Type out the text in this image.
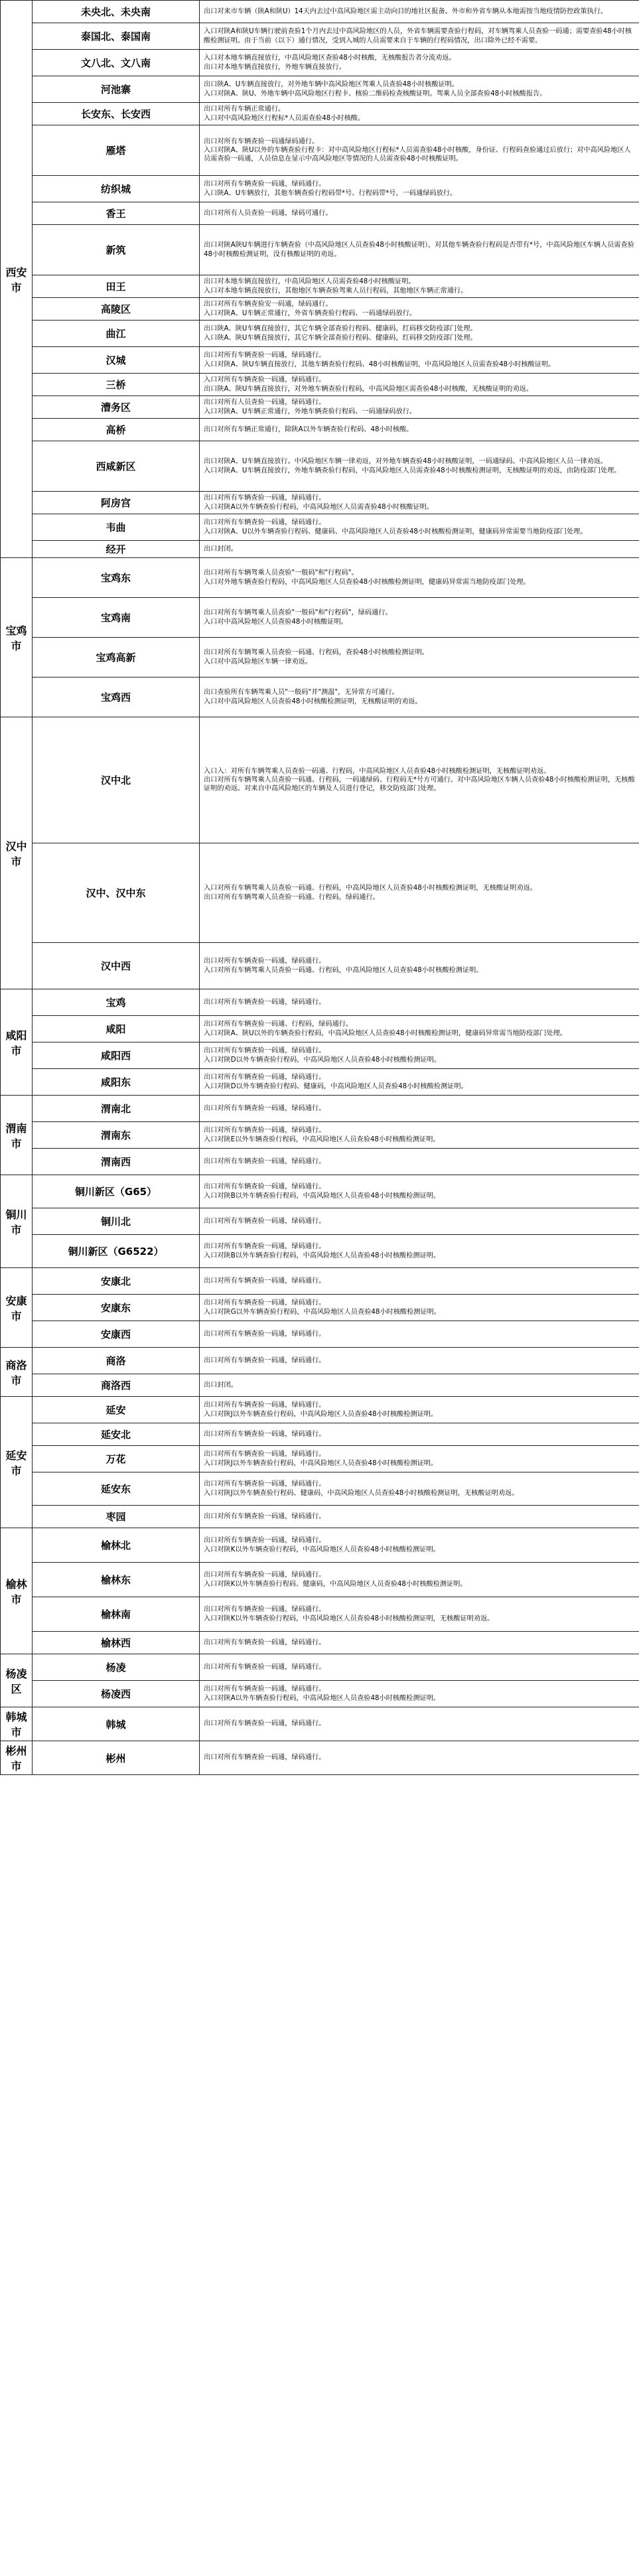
西安市	未央北、未央南	出口对来市车辆（陕A和陕U）14天内去过中高风险地区需主动向目的地社区报备。外市和外省车辆从本地需按当地疫情防控政策执行。

	泰国北、泰国南	入口对陕A和陕U车辆行驶前查验1个月内去过中高风险地区的人员，外省车辆需要查验行程码，对车辆驾乘人员查验一码通；需要查验48小时核酸检测证明。由于当前（以下）通行情况，受到入城的人员需要来自于车辆的行程码情况，出口除外已经不需要。

	文八北、文八南	入口对本地车辆直接放行，中高风险地区查验48小时核酸，无核酸报告者分流劝返。
出口对本地车辆直接放行，外地车辆直接放行。

	河池寨	出口陕A、U车辆直接放行，对外地车辆中高风险地区驾乘人员查验48小时核酸证明。
入口对陕A、陕U、外地车辆中高风险地区行程卡、核验二维码检查核酸证明。驾乘人员全部查验48小时核酸报告。

	长安东、长安西	出口对所有车辆正常通行。
入口对中高风险地区行程标*人员需查验48小时核酸。

	雁塔	出口对所有车辆查验一码通绿码通行。
入口对陕A、陕U以外的车辆查验行程卡：对中高风险地区行程标*人员需查验48小时核酸，身份证、行程码查验通过后放行；对中高风险地区人员需查验一码通，人员信息在显示中高风险地区等情况的人员需查验48小时核酸证明。

	纺织城	出口对所有车辆查验一码通，绿码通行。
入口陕A、U车辆放行，其他车辆查验行程码带*号、行程码带*号，一码通绿码放行。

	香王	出口对所有人员查验一码通，绿码可通行。

	新筑	出口对陕A陕U车辆进行车辆查验（中高风险地区人员查验48小时核酸证明），对其他车辆查验行程码是否带有*号，中高风险地区车辆人员需查验48小时核酸检测证明，没有核酸证明的劝返。

	田王	出口对本地车辆直接放行，中高风险地区人员需查验48小时核酸证明。
入口对本地车辆直接放行，其他地区车辆查验驾乘人员行程码，其他地区车辆正常通行。

	高陵区	出口对所有车辆查验安一码通，绿码通行。
入口对陕A、U车辆正常通行，外省车辆查验行程码、一码通绿码放行。

	曲江	出口陕A、陕U车辆直接放行，其它车辆全部查验行程码、健康码，红码移交防疫部门处理。
入口陕A、陕U车辆直接放行，其它车辆全部查验行程码、健康码，红码移交防疫部门处理。

	汉城	出口对所有车辆查验一码通，绿码通行。
入口对陕A、陕U车辆直接放行，其他车辆查验行程码、48小时核酸证明，中高风险地区人员需查验48小时核酸证明。

	三桥	入口对所有车辆查验一码通，绿码通行。
出口陕A、陕U车辆直接放行，对外地车辆查验行程码，中高风险地区需查验48小时核酸，无核酸证明的劝返。

	漕务区	出口对所有人员查验一码通，绿码通行。
入口对陕A、U车辆正常通行，外地车辆查验行程码、一码通绿码放行。

	高桥	出口对所有车辆正常通行，除陕A以外车辆查验行程码、48小时核酸。

	西咸新区	出口对陕A、U车辆直接放行。中风险地区车辆一律劝返，对外地车辆查验48小时核酸证明，一码通绿码。中高风险地区人员一律劝返。
入口对陕A、U车辆直接放行，外地车辆查验行程码，中高风险地区人员需查验48小时核酸检测证明，无核酸证明的劝返，由防疫部门处理。

	阿房宫	出口对所有车辆查验一码通，绿码通行。
入口对陕A以外车辆查验行程码，中高风险地区人员需查验48小时核酸证明。

	韦曲	出口对所有车辆查验一码通，绿码通行。
入口对陕A、U以外车辆查验行程码、健康码、中高风险地区人员查验48小时核酸检测证明，健康码异常需要当地防疫部门处理。

	经开	出口封闭。

宝鸡市	宝鸡东	出口对所有车辆驾乘人员查验"一般码"和"行程码"。
入口对外地车辆查验行程码，中高风险地区人员查验48小时核酸检测证明，健康码异常需当地防疫部门处理。

	宝鸡南	出口对所有车辆驾乘人员查验"一般码"和"行程码"，绿码通行。
入口对中高风险地区人员查验48小时核酸证明。

	宝鸡高新	出口对所有车辆驾乘人员查验一码通、行程码，查验48小时核酸检测证明。
入口对中高风险地区车辆一律劝返。

	宝鸡西	出口查验所有车辆驾乘人员"一般码"并"测温"，无异常方可通行。
入口对中高风险地区人员查验48小时核酸检测证明，无核酸证明的劝返。

汉中市	汉中北	入口入：对所有车辆驾乘人员查验一码通、行程码，中高风险地区人员查验48小时核酸检测证明，无核酸证明劝返。
出口对所有车辆驾乘人员查验一码通、行程码，一码通绿码、行程码无*号方可通行。对中高风险地区车辆人员查验48小时核酸检测证明，无核酸证明的劝返。对来自中高风险地区的车辆及人员进行登记，移交防疫部门处理。

	汉中、汉中东	入口对所有车辆驾乘人员查验一码通、行程码，中高风险地区人员查验48小时核酸检测证明，无核酸证明劝返。
出口对所有车辆驾乘人员查验一码通、行程码，绿码通行。

	汉中西	出口对所有车辆查验一码通，绿码通行。
入口对所有车辆驾乘人员查验一码通、行程码，中高风险地区人员查验48小时核酸检测证明。

咸阳市	宝鸡	出口对所有车辆查验一码通，绿码通行。

	咸阳	出口对所有车辆查验一码通、行程码，绿码通行。
入口对陕A、陕U以外的车辆查验行程码，中高风险地区人员查验48小时核酸检测证明，健康码异常需当地防疫部门处理。

	咸阳西	出口对所有车辆查验一码通，绿码通行。
入口对陕D以外车辆查验行程码，中高风险地区人员查验48小时核酸检测证明。

	咸阳东	出口对所有车辆查验一码通，绿码通行。
入口对陕D以外车辆查验行程码、健康码，中高风险地区人员查验48小时核酸检测证明。

渭南市	渭南北	出口对所有车辆查验一码通，绿码通行。

	渭南东	出口对所有车辆查验一码通，绿码通行。
入口对陕E以外车辆查验行程码，中高风险地区人员查验48小时核酸检测证明。

	渭南西	出口对所有车辆查验一码通，绿码通行。

铜川市	铜川新区（G65）	出口对所有车辆查验一码通，绿码通行。
入口对陕B以外车辆查验行程码，中高风险地区人员查验48小时核酸检测证明。

	铜川北	出口对所有车辆查验一码通，绿码通行。

	铜川新区（G6522）	出口对所有车辆查验一码通，绿码通行。
入口对陕B以外车辆查验行程码，中高风险地区人员查验48小时核酸检测证明。

安康市	安康北	出口对所有车辆查验一码通，绿码通行。

	安康东	出口对所有车辆查验一码通，绿码通行。
入口对陕G以外车辆查验行程码，中高风险地区人员查验48小时核酸检测证明。

	安康西	出口对所有车辆查验一码通，绿码通行。

商洛市	商洛	出口对所有车辆查验一码通，绿码通行。

	商洛西	出口封闭。

延安市	延安	出口对所有车辆查验一码通，绿码通行。
入口对陕J以外车辆查验行程码，中高风险地区人员查验48小时核酸检测证明。

	延安北	出口对所有车辆查验一码通，绿码通行。

	万花	出口对所有车辆查验一码通，绿码通行。
入口对陕J以外车辆查验行程码，中高风险地区人员查验48小时核酸检测证明。

	延安东	出口对所有车辆查验一码通，绿码通行。
入口对陕J以外车辆查验行程码、健康码，中高风险地区人员查验48小时核酸检测证明，无核酸证明劝返。

	枣园	出口对所有车辆查验一码通，绿码通行。

榆林市	榆林北	出口对所有车辆查验一码通，绿码通行。
入口对陕K以外车辆查验行程码，中高风险地区人员查验48小时核酸检测证明。

	榆林东	出口对所有车辆查验一码通，绿码通行。
入口对陕K以外车辆查验行程码、健康码，中高风险地区人员查验48小时核酸检测证明。

	榆林南	出口对所有车辆查验一码通，绿码通行。
入口对陕K以外车辆查验行程码，中高风险地区人员查验48小时核酸检测证明，无核酸证明劝返。

	榆林西	出口对所有车辆查验一码通，绿码通行。

杨凌区	杨凌	出口对所有车辆查验一码通，绿码通行。

	杨凌西	出口对所有车辆查验一码通，绿码通行。
入口对陕A以外车辆查验行程码，中高风险地区人员查验48小时核酸检测证明。

韩城市	韩城	出口对所有车辆查验一码通，绿码通行。

彬州市	彬州	出口对所有车辆查验一码通，绿码通行。
